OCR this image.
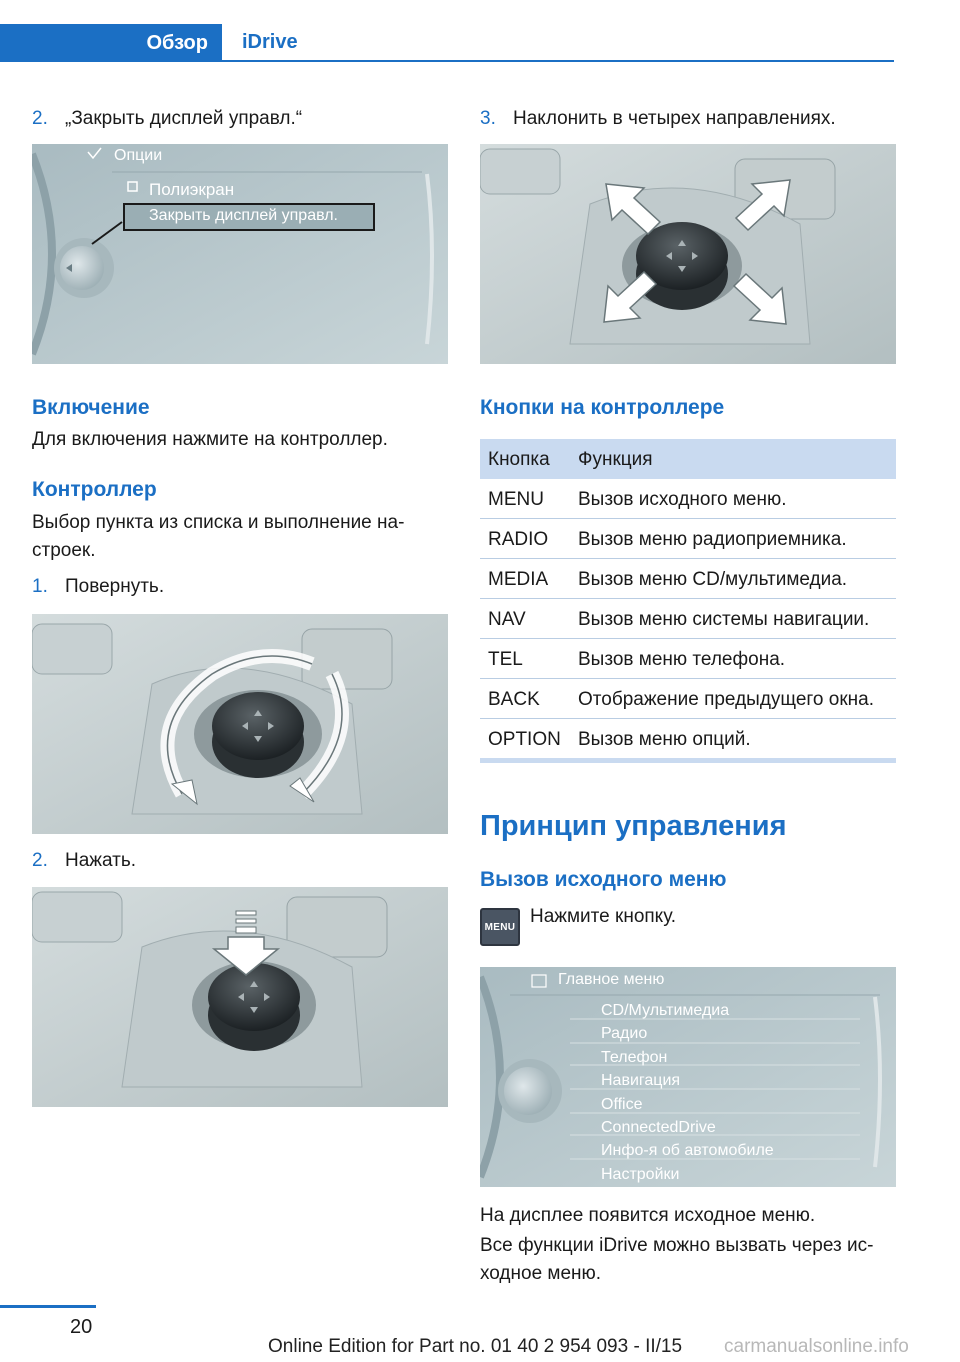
Обзор iDrive
2. „Закрыть дисплей управл.“
Опции
Полиэкран
Закрыть дисплей управл.
Включение
Для включения нажмите на контроллер.
Контроллер
Выбор пункта из списка и выполнение на-
строек.
1. Повернуть.
2. Нажать.
3. Наклонить в четырех направлениях.
Кнопки на контроллере
Кнопка Функция
MENU Вызов исходного меню.
RADIO Вызов меню радиоприемника.
MEDIA Вызов меню CD/мультимедиа.
NAV	Вызов меню системы навигации.
TEL	Вызов меню телефона.
BACK Отображение предыдущего окна.
OPTION Вызов меню опций.
Принцип управления
Вызов исходного меню
MENU Нажмите кнопку.
Главное меню
CD/Мультимедиа
Радио
Телефон
Навигация
Office
ConnectedDrive
Инфо-я об автомобиле
Настройки
На дисплее появится исходное меню.
Все функции iDrive можно вызвать через ис-
ходное меню.
20
Online Edition for Part no. 01 40 2 954 093 - II/15 carmanualsonline.info
